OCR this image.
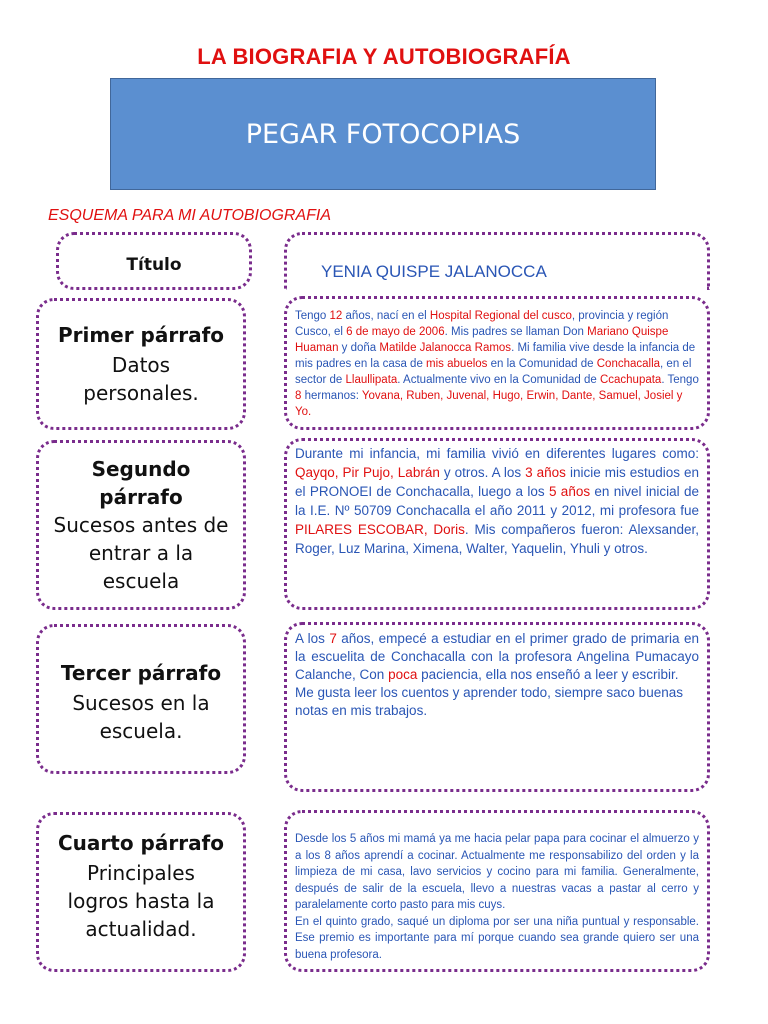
LA BIOGRAFIA Y AUTOBIOGRAFÍA
PEGAR FOTOCOPIAS
ESQUEMA PARA MI AUTOBIOGRAFIA
Título	YENIA QUISPE JALANOCCA
Primer párrafo
Datos personales.
Tengo 12 años, nací en el Hospital Regional del cusco, provincia y región Cusco, el 6 de mayo de 2006. Mis padres se llaman Don Mariano Quispe Huaman y doña Matilde Jalanocca Ramos. Mi familia vive desde la infancia de mis padres en la casa de mis abuelos en la Comunidad de Conchacalla, en el sector de Llaullipata. Actualmente vivo en la Comunidad de Ccachupata. Tengo 8 hermanos: Yovana, Ruben, Juvenal, Hugo, Erwin, Dante, Samuel, Josiel y Yo.
Segundo párrafo
Sucesos antes de entrar a la escuela
Durante mi infancia, mi familia vivió en diferentes lugares como: Qayqo, Pir Pujo, Labrán y otros. A los 3 años inicie mis estudios en el PRONOEI de Conchacalla, luego a los 5 años en nivel inicial de la I.E. Nº 50709 Conchacalla el año 2011 y 2012, mi profesora fue PILARES ESCOBAR, Doris. Mis compañeros fueron: Alexsander, Roger, Luz Marina, Ximena, Walter, Yaquelin, Yhuli y otros.
Tercer párrafo
Sucesos en la escuela.
A los 7 años, empecé a estudiar en el primer grado de primaria en la escuelita de Conchacalla con la profesora Angelina Pumacayo Calanche, Con poca paciencia, ella nos enseñó a leer y escribir.
Me gusta leer los cuentos y aprender todo, siempre saco buenas notas en mis trabajos.
Cuarto párrafo
Principales logros hasta la actualidad.
Desde los 5 años mi mamá ya me hacia pelar papa para cocinar el almuerzo y a los 8 años aprendí a cocinar. Actualmente me responsabilizo del orden y la limpieza de mi casa, lavo servicios y cocino para mi familia. Generalmente, después de salir de la escuela, llevo a nuestras vacas a pastar al cerro y paralelamente corto pasto para mis cuys.
En el quinto grado, saqué un diploma por ser una niña puntual y responsable. Ese premio es importante para mí porque cuando sea grande quiero ser una buena profesora.
